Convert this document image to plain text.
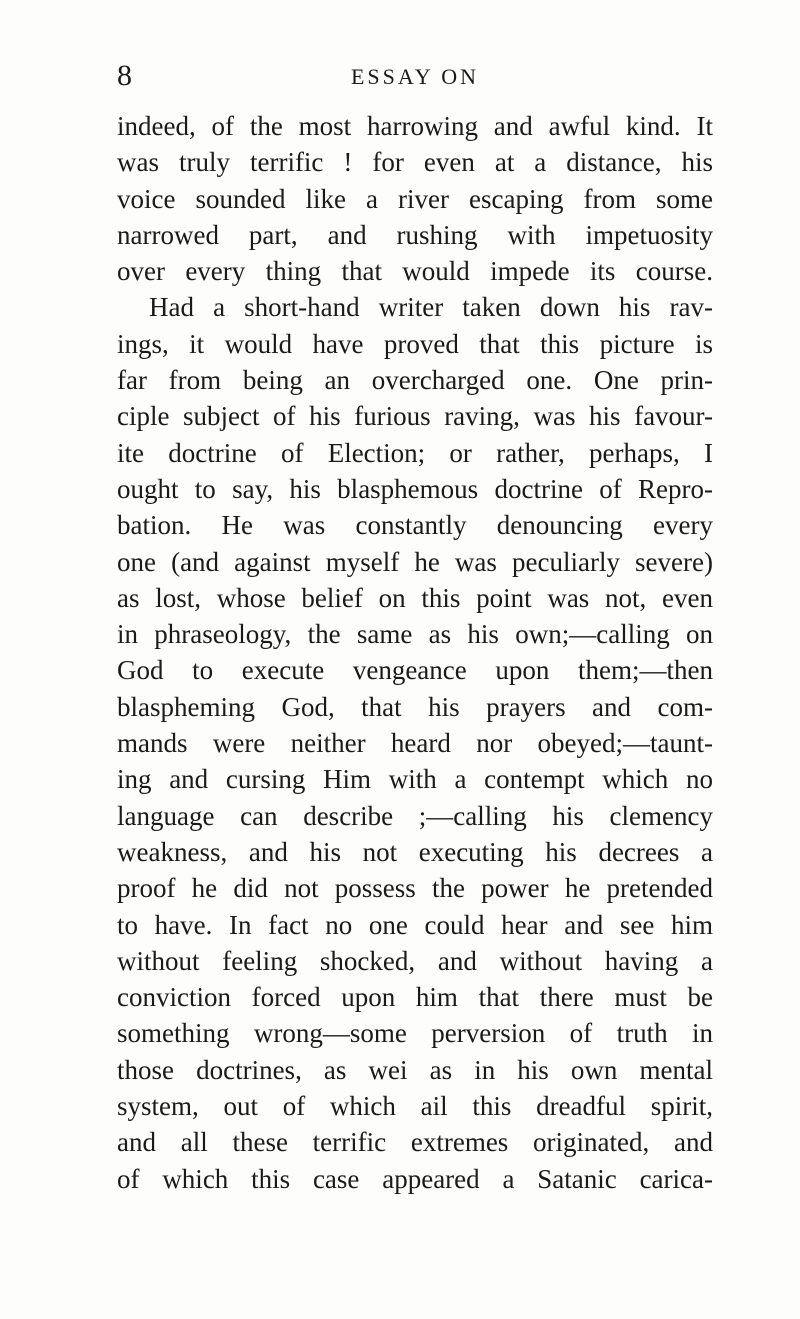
8	ESSAY ON
indeed, of the most harrowing and awful kind. It
was truly terrific ! for even at a distance, his
voice sounded like a river escaping from some
narrowed part, and rushing with impetuosity
over every thing that would impede its course.
Had a short-hand writer taken down his rav-
ings, it would have proved that this picture is
far from being an overcharged one. One prin-
ciple subject of his furious raving, was his favour-
ite doctrine of Election; or rather, perhaps, I
ought to say, his blasphemous doctrine of Repro-
bation. He was constantly denouncing every
one (and against myself he was peculiarly severe)
as lost, whose belief on this point was not, even
in phraseology, the same as his own;—calling on
God to execute vengeance upon them;—then
blaspheming God, that his prayers and com-
mands were neither heard nor obeyed;—taunt-
ing and cursing Him with a contempt which no
language can describe ;—calling his clemency
weakness, and his not executing his decrees a
proof he did not possess the power he pretended
to have. In fact no one could hear and see him
without feeling shocked, and without having a
conviction forced upon him that there must be
something wrong—some perversion of truth in
those doctrines, as wei as in his own mental
system, out of which ail this dreadful spirit,
and all these terrific extremes originated, and
of which this case appeared a Satanic carica-
